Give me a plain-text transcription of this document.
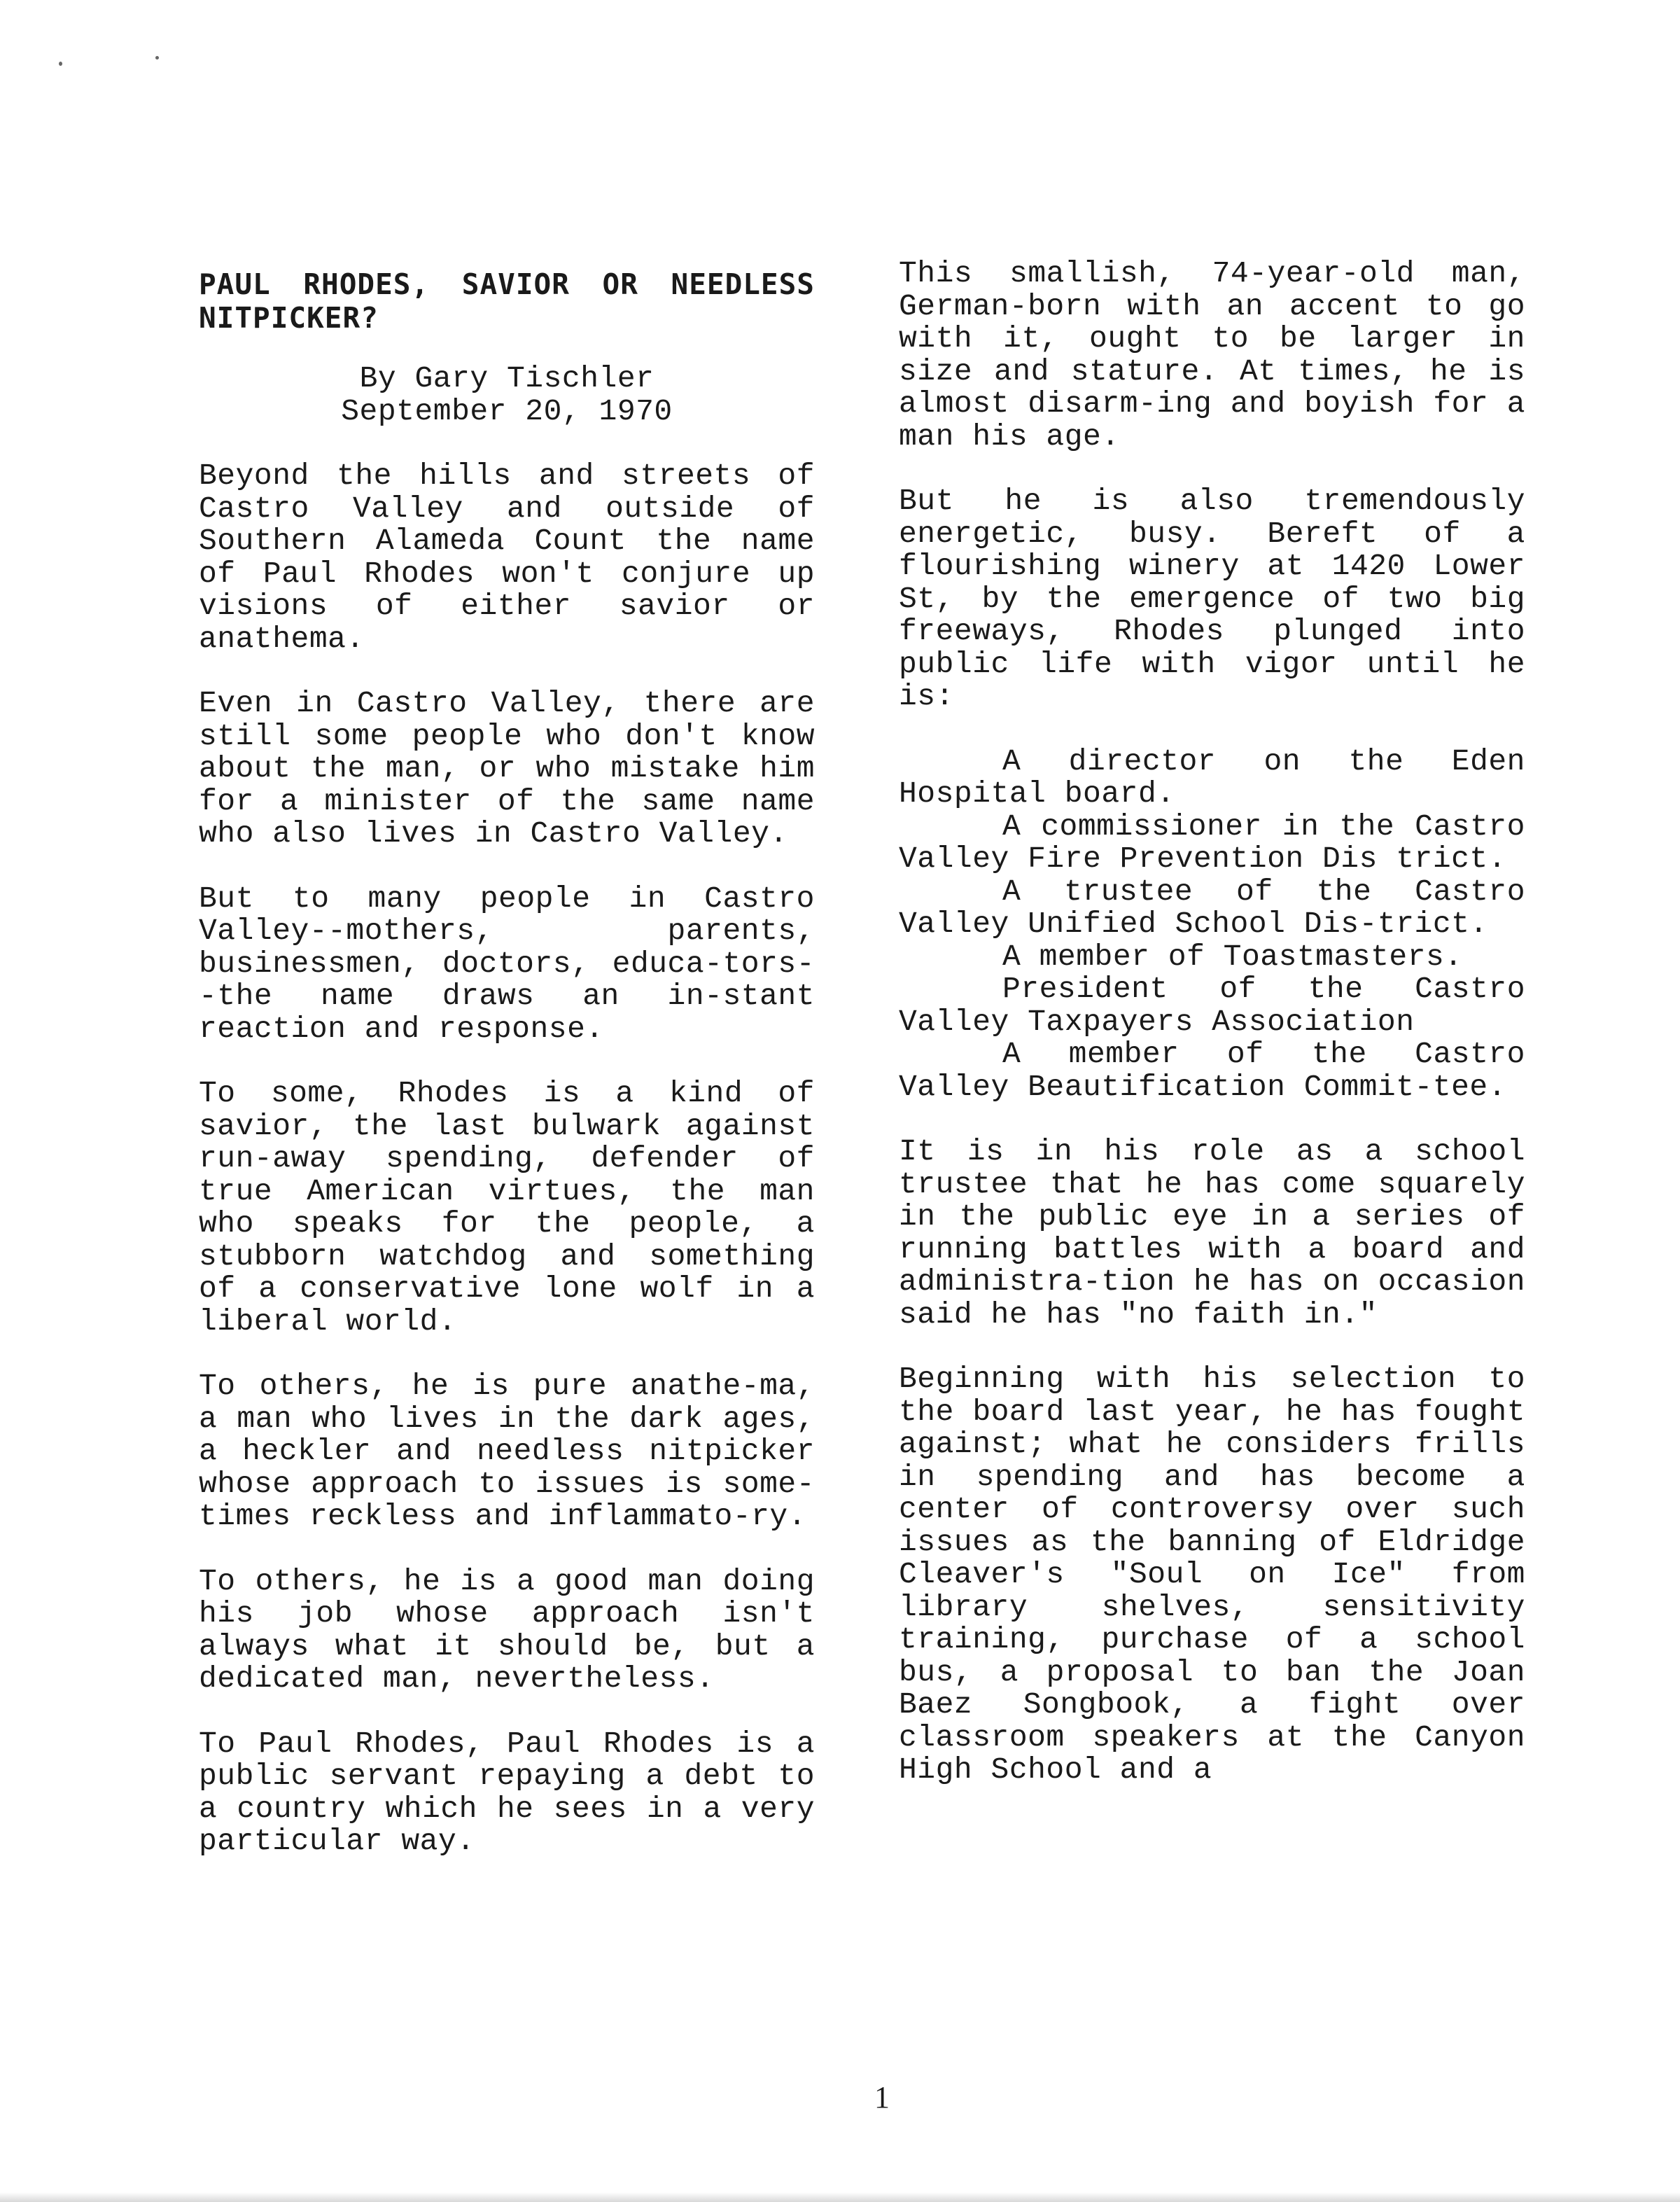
PAUL RHODES, SAVIOR OR NEEDLESS NITPICKER?
By Gary Tischler
September 20, 1970

Beyond the hills and streets of Castro Valley and outside of Southern Alameda Count the name of Paul Rhodes won't conjure up visions of either savior or anathema.

Even in Castro Valley, there are still some people who don't know about the man, or who mistake him for a minister of the same name who also lives in Castro Valley.

But to many people in Castro Valley--mothers, parents, businessmen, doctors, educa-tors--the name draws an in-stant reaction and response.

To some, Rhodes is a kind of savior, the last bulwark against run-away spending, defender of true American virtues, the man who speaks for the people, a stubborn watchdog and something of a conservative lone wolf in a liberal world.

To others, he is pure anathe-ma, a man who lives in the dark ages, a heckler and needless nitpicker whose approach to issues is some-times reckless and inflammato-ry.

To others, he is a good man doing his job whose approach isn't always what it should be, but a dedicated man, nevertheless.

To Paul Rhodes, Paul Rhodes is a public servant repaying a debt to a country which he sees in a very particular way.

This smallish, 74-year-old man, German-born with an accent to go with it, ought to be larger in size and stature. At times, he is almost disarm-ing and boyish for a man his age.

But he is also tremendously energetic, busy. Bereft of a flourishing winery at 1420 Lower St, by the emergence of two big freeways, Rhodes plunged into public life with vigor until he is:

A director on the Eden Hospital board.
A commissioner in the Castro Valley Fire Prevention Dis trict.
A trustee of the Castro Valley Unified School Dis-trict.
A member of Toastmasters.
President of the Castro Valley Taxpayers Association
A member of the Castro Valley Beautification Commit-tee.

It is in his role as a school trustee that he has come squarely in the public eye in a series of running battles with a board and administra-tion he has on occasion said he has "no faith in."

Beginning with his selection to the board last year, he has fought against; what he considers frills in spending and has become a center of controversy over such issues as the banning of Eldridge Cleaver's "Soul on Ice" from library shelves, sensitivity training, purchase of a school bus, a proposal to ban the Joan Baez Songbook, a fight over classroom speakers at the Canyon High School and a

1
